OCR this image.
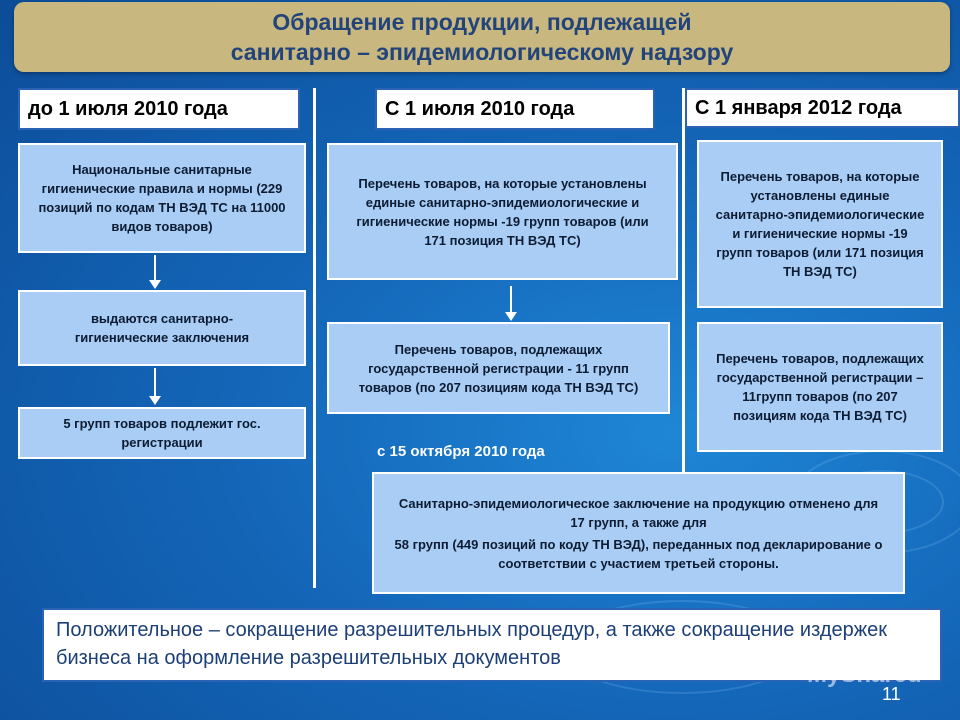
Обращение продукции, подлежащей
санитарно – эпидемиологическому надзору
до 1 июля 2010 года
Национальные санитарные гигиенические правила и нормы (229 позиций по кодам ТН ВЭД ТС на 11000 видов товаров)
выдаются санитарно-гигиенические заключения
5 групп товаров подлежит гос. регистрации
С 1 июля 2010 года
Перечень товаров, на которые установлены единые санитарно-эпидемиологические и гигиенические нормы -19 групп товаров (или 171 позиция ТН ВЭД ТС)
Перечень товаров, подлежащих государственной регистрации - 11 групп товаров (по 207 позициям кода ТН ВЭД ТС)
С 1 января 2012 года
Перечень товаров, на которые установлены единые санитарно-эпидемиологические и гигиенические нормы -19 групп товаров (или 171 позиция ТН ВЭД ТС)
Перечень товаров, подлежащих государственной регистрации – 11групп товаров (по 207 позициям кода ТН ВЭД ТС)
с 15 октября 2010 года
Санитарно-эпидемиологическое заключение на продукцию отменено для 17 групп, а также для
58 групп (449 позиций по коду ТН ВЭД), переданных под декларирование о соответствии с участием третьей стороны.
Положительное – сокращение разрешительных процедур, а также сокращение издержек бизнеса на оформление разрешительных документов
MyShared
11
